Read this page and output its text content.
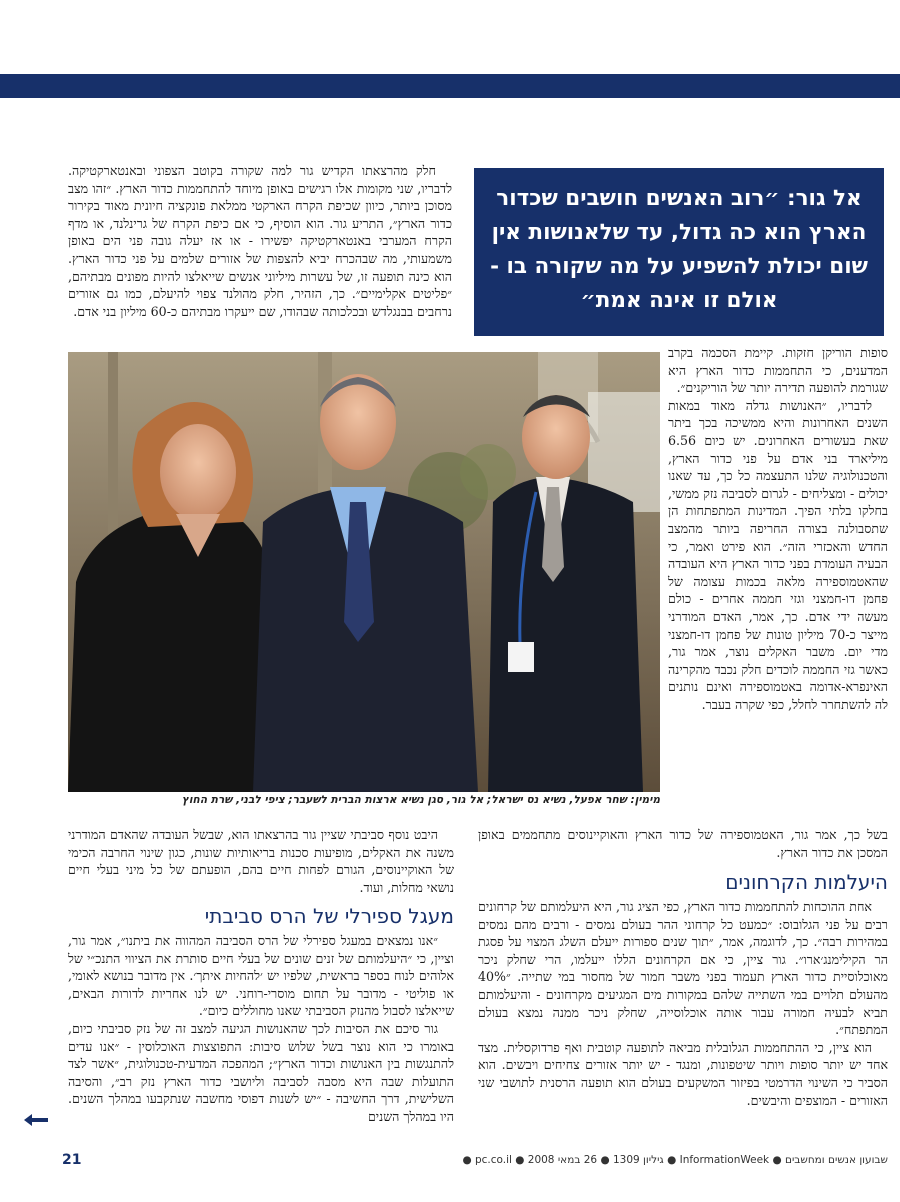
חלק מהרצאתו הקדיש גור למה שקורה בקוטב הצפוני ובאנטארקטיקה. לדבריו, שני מקומות אלו רגישים באופן מיוחד להתחממות כדור הארץ. ״זהו מצב מסוכן ביותר, כיוון שכיפת הקרח הארקטי ממלאת פונקציה חיונית מאוד בקירור כדור הארץ״, התריע גור. הוא הוסיף, כי אם כיפת הקרח של גרינלנד, או מדף הקרח המערבי באנטארקטיקה יפשירו - או אז יעלה גובה פני הים באופן משמעותי, מה שבהכרח יביא להצפות של אזורים שלמים על פני כדור הארץ. הוא כינה תופעה זו, של עשרות מיליוני אנשים שייאלצו להיות מפונים מבתיהם, ״פליטים אקלימיים״. כך, הזהיר, חלק מהולנד צפוי להיעלם, כמו גם אזורים נרחבים בבנגלדש ובכלכותה שבהודו, שם ייעקרו מבתיהם כ-60 מיליון בני אדם.

אל גור: ״רוב האנשים חושבים שכדור הארץ הוא כה גדול, עד שלאנושות אין שום יכולת להשפיע על מה שקורה בו - אולם זו אינה אמת״

סופות הוריקן חזקות. קיימת הסכמה בקרב המדענים, כי התחממות כדור הארץ היא שגורמת להופעה תדירה יותר של הוריקנים״.

לדבריו, ״האנושות גדלה מאוד במאות השנים האחרונות והיא ממשיכה בכך ביתר שאת בעשורים האחרונים. יש כיום 6.56 מיליארד בני אדם על פני כדור הארץ, והטכנולוגיה שלנו התעצמה כל כך, עד שאנו יכולים - ומצליחים - לגרום לסביבה נזק ממשי, בחלקו בלתי הפיך. המדינות המתפתחות הן שתסבולנה בצורה החריפה ביותר מהמצב החדש והאכזרי הזה״. הוא פירט ואמר, כי הבעיה העומדת בפני כדור הארץ היא העובדה שהאטמוספירה מלאה בכמות עצומה של פחמן דו-חמצני וגזי חממה אחרים - כולם מעשה ידי אדם. כך, אמר, האדם המודרני מייצר כ-70 מיליון טונות של פחמן דו-חמצני מדי יום. משבר האקלים נוצר, אמר גור, כאשר גזי החממה לוכדים חלק נכבד מהקרינה האינפרא-אדומה באטמוספירה ואינם נותנים לה להשתחרר לחלל, כפי שקרה בעבר.

מימין: שחר אפעל, נשיא נס ישראל; אל גור, סגן נשיא ארצות הברית לשעבר; ציפי לבני, שרת החוץ

בשל כך, אמר גור, האטמוספירה של כדור הארץ והאוקיינוסים מתחממים באופן המסכן את כדור הארץ.

היעלמות הקרחונים

אחת ההוכחות להתחממות כדור הארץ, כפי הציג גור, היא היעלמותם של קרחונים רבים על פני הגלובוס: ״כמעט כל קרחוני ההר בעולם נמסים - ורבים מהם נמסים במהירות רבה״. כך, לדוגמה, אמר, ״תוך שנים ספורות ייעלם השלג המצוי על פסגת הר הקילימנג׳ארו״. גור ציין, כי אם הקרחונים הללו ייעלמו, הרי שחלק ניכר מאוכלוסיית כדור הארץ תעמוד בפני משבר חמור של מחסור במי שתייה. ״40% מהעולם תלויים במי השתייה שלהם במקורות מים המגיעים מקרחונים - והיעלמותם תביא לבעיה חמורה עבור אותה אוכלוסייה, שחלק ניכר ממנה נמצא בעולם המתפתח״.

הוא ציין, כי ההתחממות הגלובלית מביאה לתופעה קוטבית ואף פרדוקסלית. מצד אחד יש יותר סופות ויותר שיטפונות, ומנגד - יש יותר אזורים צחיחים ויבשים. הוא הסביר כי השינוי הדרמטי בפיזור המשקעים בעולם הוא תופעה הרסנית לתושבי שני האזורים - המוצפים והיבשים.

היבט נוסף סביבתי שציין גור בהרצאתו הוא, שבשל העובדה שהאדם המודרני משנה את האקלים, מופיעות סכנות בריאותיות שונות, כגון שינוי החרבה הכימי של האוקיינוסים, הגורם לפחות חיים בהם, הופעתם של כל מיני בעלי חיים נושאי מחלות, ועוד.

מעגל ספירלי של הרס סביבתי

״אנו נמצאים במעגל ספירלי של הרס הסביבה המהווה את ביתנו״, אמר גור, וציין, כי ״היעלמותם של זנים שונים של בעלי חיים סותרת את הציווי התנכ״י של אלוהים לנוח בספר בראשית, שלפיו יש ׳להחיות איתך׳. אין מדובר בנושא לאומי, או פוליטי - מדובר על תחום מוסרי-רוחני. יש לנו אחריות לדורות הבאים, שייאלצו לסבול מהנזק הסביבתי שאנו מחוללים כיום״.

גור סיכם את הסיבות לכך שהאנושות הגיעה למצב זה של נזק סביבתי כיום, באומרו כי הוא נוצר בשל שלוש סיבות: התפוצצות האוכלוסין - ״אנו עדים להתנגשות בין האנושות וכדור הארץ״; המהפכה המדעית-טכנולוגית, ״אשר לצד התועלות שבה היא מסבה לסביבה וליושבי כדור הארץ נזק רב״, והסיבה השלישית, דרך החשיבה - ״יש לשנות דפוסי מחשבה שנתקבעו במהלך השנים. היו במהלך השנים

שבועון אנשים ומחשבים ● InformationWeek ● גיליון 1309 ● 26 במאי 2008 ● pc.co.il ●
21
